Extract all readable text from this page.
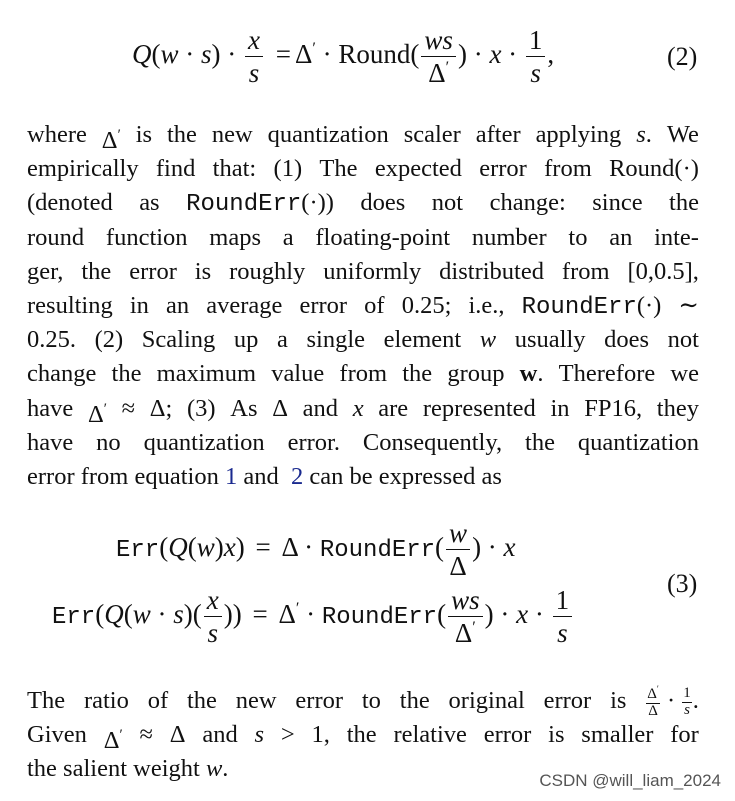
$Q(w \cdot s) \cdot \frac{x}{s} = \Delta'$ · Round( $\frac{ws}{\Delta'}$ ) · $x \cdot \frac{1}{s}$ ,	(2)
where Δ′ is the new quantization scaler after applying s. We
empirically find that: (1) The expected error from Round(·)
(denoted as RoundErr(·)) does not change: since the
round function maps a floating-point number to an inte-
ger, the error is roughly uniformly distributed from [0,0.5],
resulting in an average error of 0.25; i.e., RoundErr(·) ∼
0.25. (2) Scaling up a single element w usually does not
change the maximum value from the group w. Therefore we
have Δ′ ≈ Δ; (3) As Δ and x are represented in FP16, they
have no quantization error. Consequently, the quantization
error from equation 1 and  2 can be expressed as
Err(Q(w)x) = Δ · RoundErr( $\frac{w}{\Delta}$ ) · x
$Err(Q(w \cdot s)( \frac{x}{s}$ )) = Δ′ · RoundErr( $\frac{ws}{\Delta'}$ ) · $x \cdot \frac{1}{s}$
(3)
The ratio of the new error to the original error is $\frac{\Delta'}{\Delta} \cdot \frac{1}{s}$ .
Given Δ′ ≈ Δ and s > 1, the relative error is smaller for
the salient weight w.	CSDN @will_liam_2024
